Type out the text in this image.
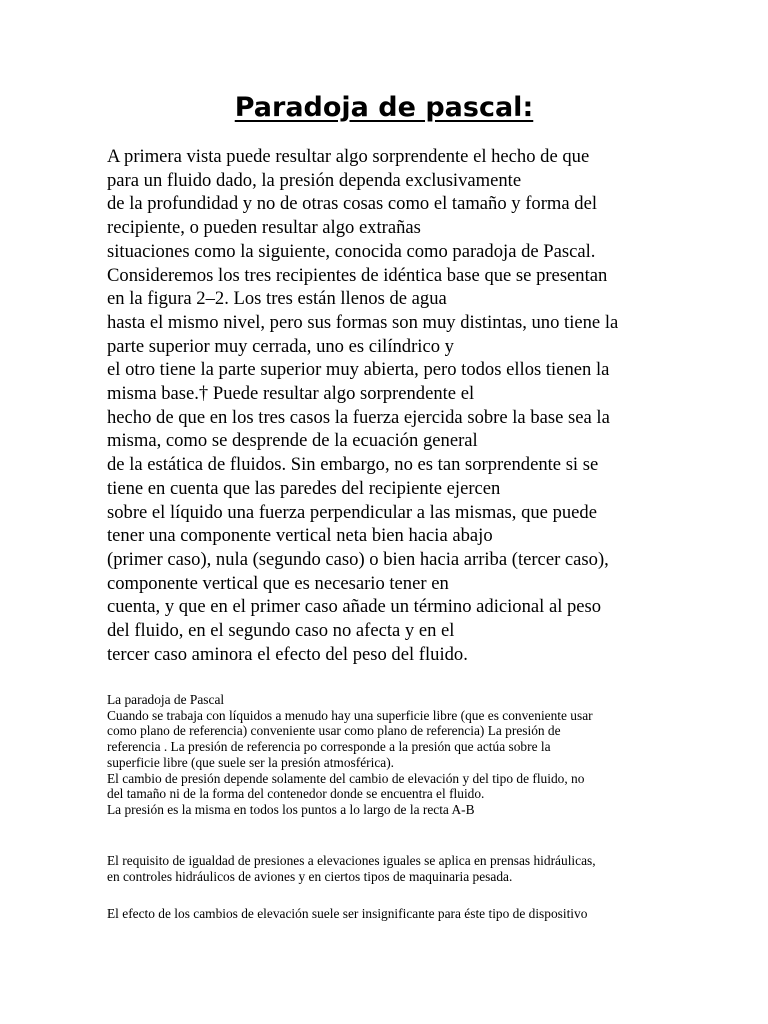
Paradoja de pascal:
A primera vista puede resultar algo sorprendente el hecho de que
para un fluido dado, la presión dependa exclusivamente
de la profundidad y no de otras cosas como el tamaño y forma del
recipiente, o pueden resultar algo extrañas
situaciones como la siguiente, conocida como paradoja de Pascal.
Consideremos los tres recipientes de idéntica base que se presentan
en la figura 2–2. Los tres están llenos de agua
hasta el mismo nivel, pero sus formas son muy distintas, uno tiene la
parte superior muy cerrada, uno es cilíndrico y
el otro tiene la parte superior muy abierta, pero todos ellos tienen la
misma base.† Puede resultar algo sorprendente el
hecho de que en los tres casos la fuerza ejercida sobre la base sea la
misma, como se desprende de la ecuación general
de la estática de fluidos. Sin embargo, no es tan sorprendente si se
tiene en cuenta que las paredes del recipiente ejercen
sobre el líquido una fuerza perpendicular a las mismas, que puede
tener una componente vertical neta bien hacia abajo
(primer caso), nula (segundo caso) o bien hacia arriba (tercer caso),
componente vertical que es necesario tener en
cuenta, y que en el primer caso añade un término adicional al peso
del fluido, en el segundo caso no afecta y en el
tercer caso aminora el efecto del peso del fluido.
La paradoja de Pascal
Cuando se trabaja con líquidos a menudo hay una superficie libre (que es conveniente usar
como plano de referencia) conveniente usar como plano de referencia) La presión de
referencia . La presión de referencia po corresponde a la presión que actúa sobre la
superficie libre (que suele ser la presión atmosférica).
El cambio de presión depende solamente del cambio de elevación y del tipo de fluido, no
del tamaño ni de la forma del contenedor donde se encuentra el fluido.
La presión es la misma en todos los puntos a lo largo de la recta A-B
El requisito de igualdad de presiones a elevaciones iguales se aplica en prensas hidráulicas,
en controles hidráulicos de aviones y en ciertos tipos de maquinaria pesada.
El efecto de los cambios de elevación suele ser insignificante para éste tipo de dispositivo
